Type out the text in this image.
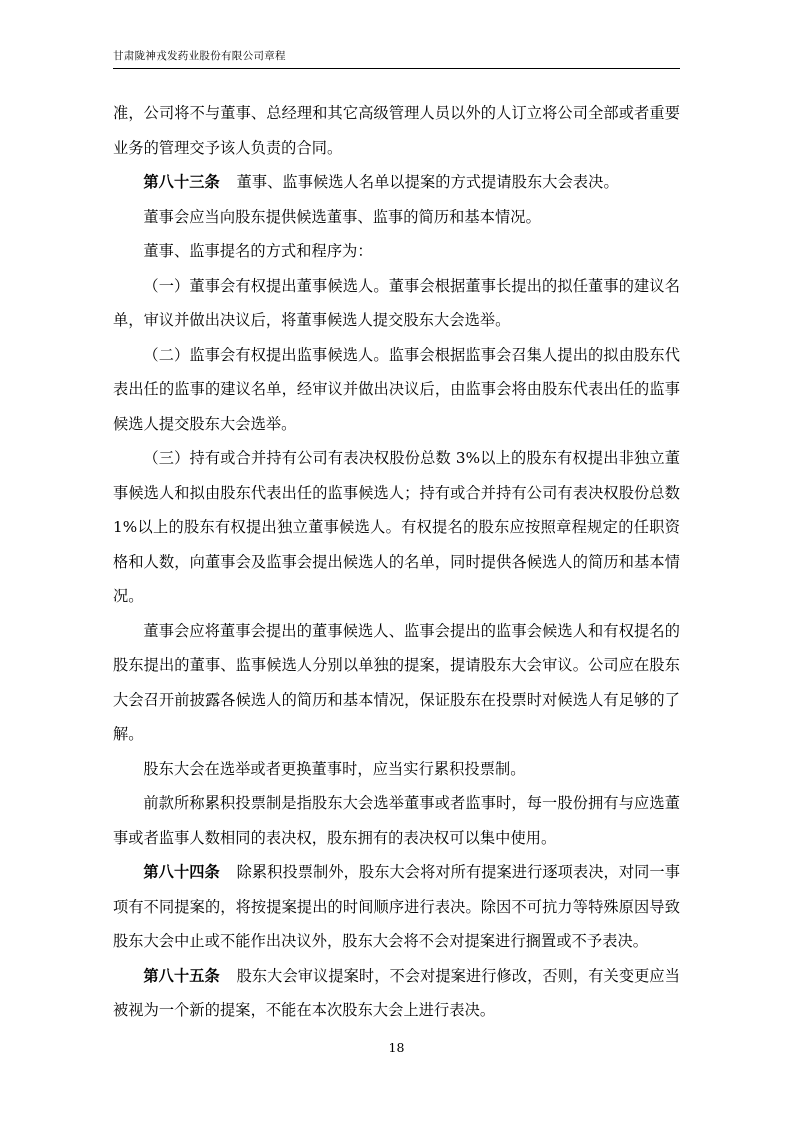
甘肃陇神戎发药业股份有限公司章程

准，公司将不与董事、总经理和其它高级管理人员以外的人订立将公司全部或者重要业务的管理交予该人负责的合同。

第八十三条 董事、监事候选人名单以提案的方式提请股东大会表决。

董事会应当向股东提供候选董事、监事的简历和基本情况。

董事、监事提名的方式和程序为：

（一）董事会有权提出董事候选人。董事会根据董事长提出的拟任董事的建议名单，审议并做出决议后，将董事候选人提交股东大会选举。

（二）监事会有权提出监事候选人。监事会根据监事会召集人提出的拟由股东代表出任的监事的建议名单，经审议并做出决议后，由监事会将由股东代表出任的监事候选人提交股东大会选举。

（三）持有或合并持有公司有表决权股份总数 3%以上的股东有权提出非独立董事候选人和拟由股东代表出任的监事候选人；持有或合并持有公司有表决权股份总数 1%以上的股东有权提出独立董事候选人。有权提名的股东应按照章程规定的任职资格和人数，向董事会及监事会提出候选人的名单，同时提供各候选人的简历和基本情况。

董事会应将董事会提出的董事候选人、监事会提出的监事会候选人和有权提名的股东提出的董事、监事候选人分别以单独的提案，提请股东大会审议。公司应在股东大会召开前披露各候选人的简历和基本情况，保证股东在投票时对候选人有足够的了解。

股东大会在选举或者更换董事时，应当实行累积投票制。

前款所称累积投票制是指股东大会选举董事或者监事时，每一股份拥有与应选董事或者监事人数相同的表决权，股东拥有的表决权可以集中使用。

第八十四条 除累积投票制外，股东大会将对所有提案进行逐项表决，对同一事项有不同提案的，将按提案提出的时间顺序进行表决。除因不可抗力等特殊原因导致股东大会中止或不能作出决议外，股东大会将不会对提案进行搁置或不予表决。

第八十五条 股东大会审议提案时，不会对提案进行修改，否则，有关变更应当被视为一个新的提案，不能在本次股东大会上进行表决。

18
